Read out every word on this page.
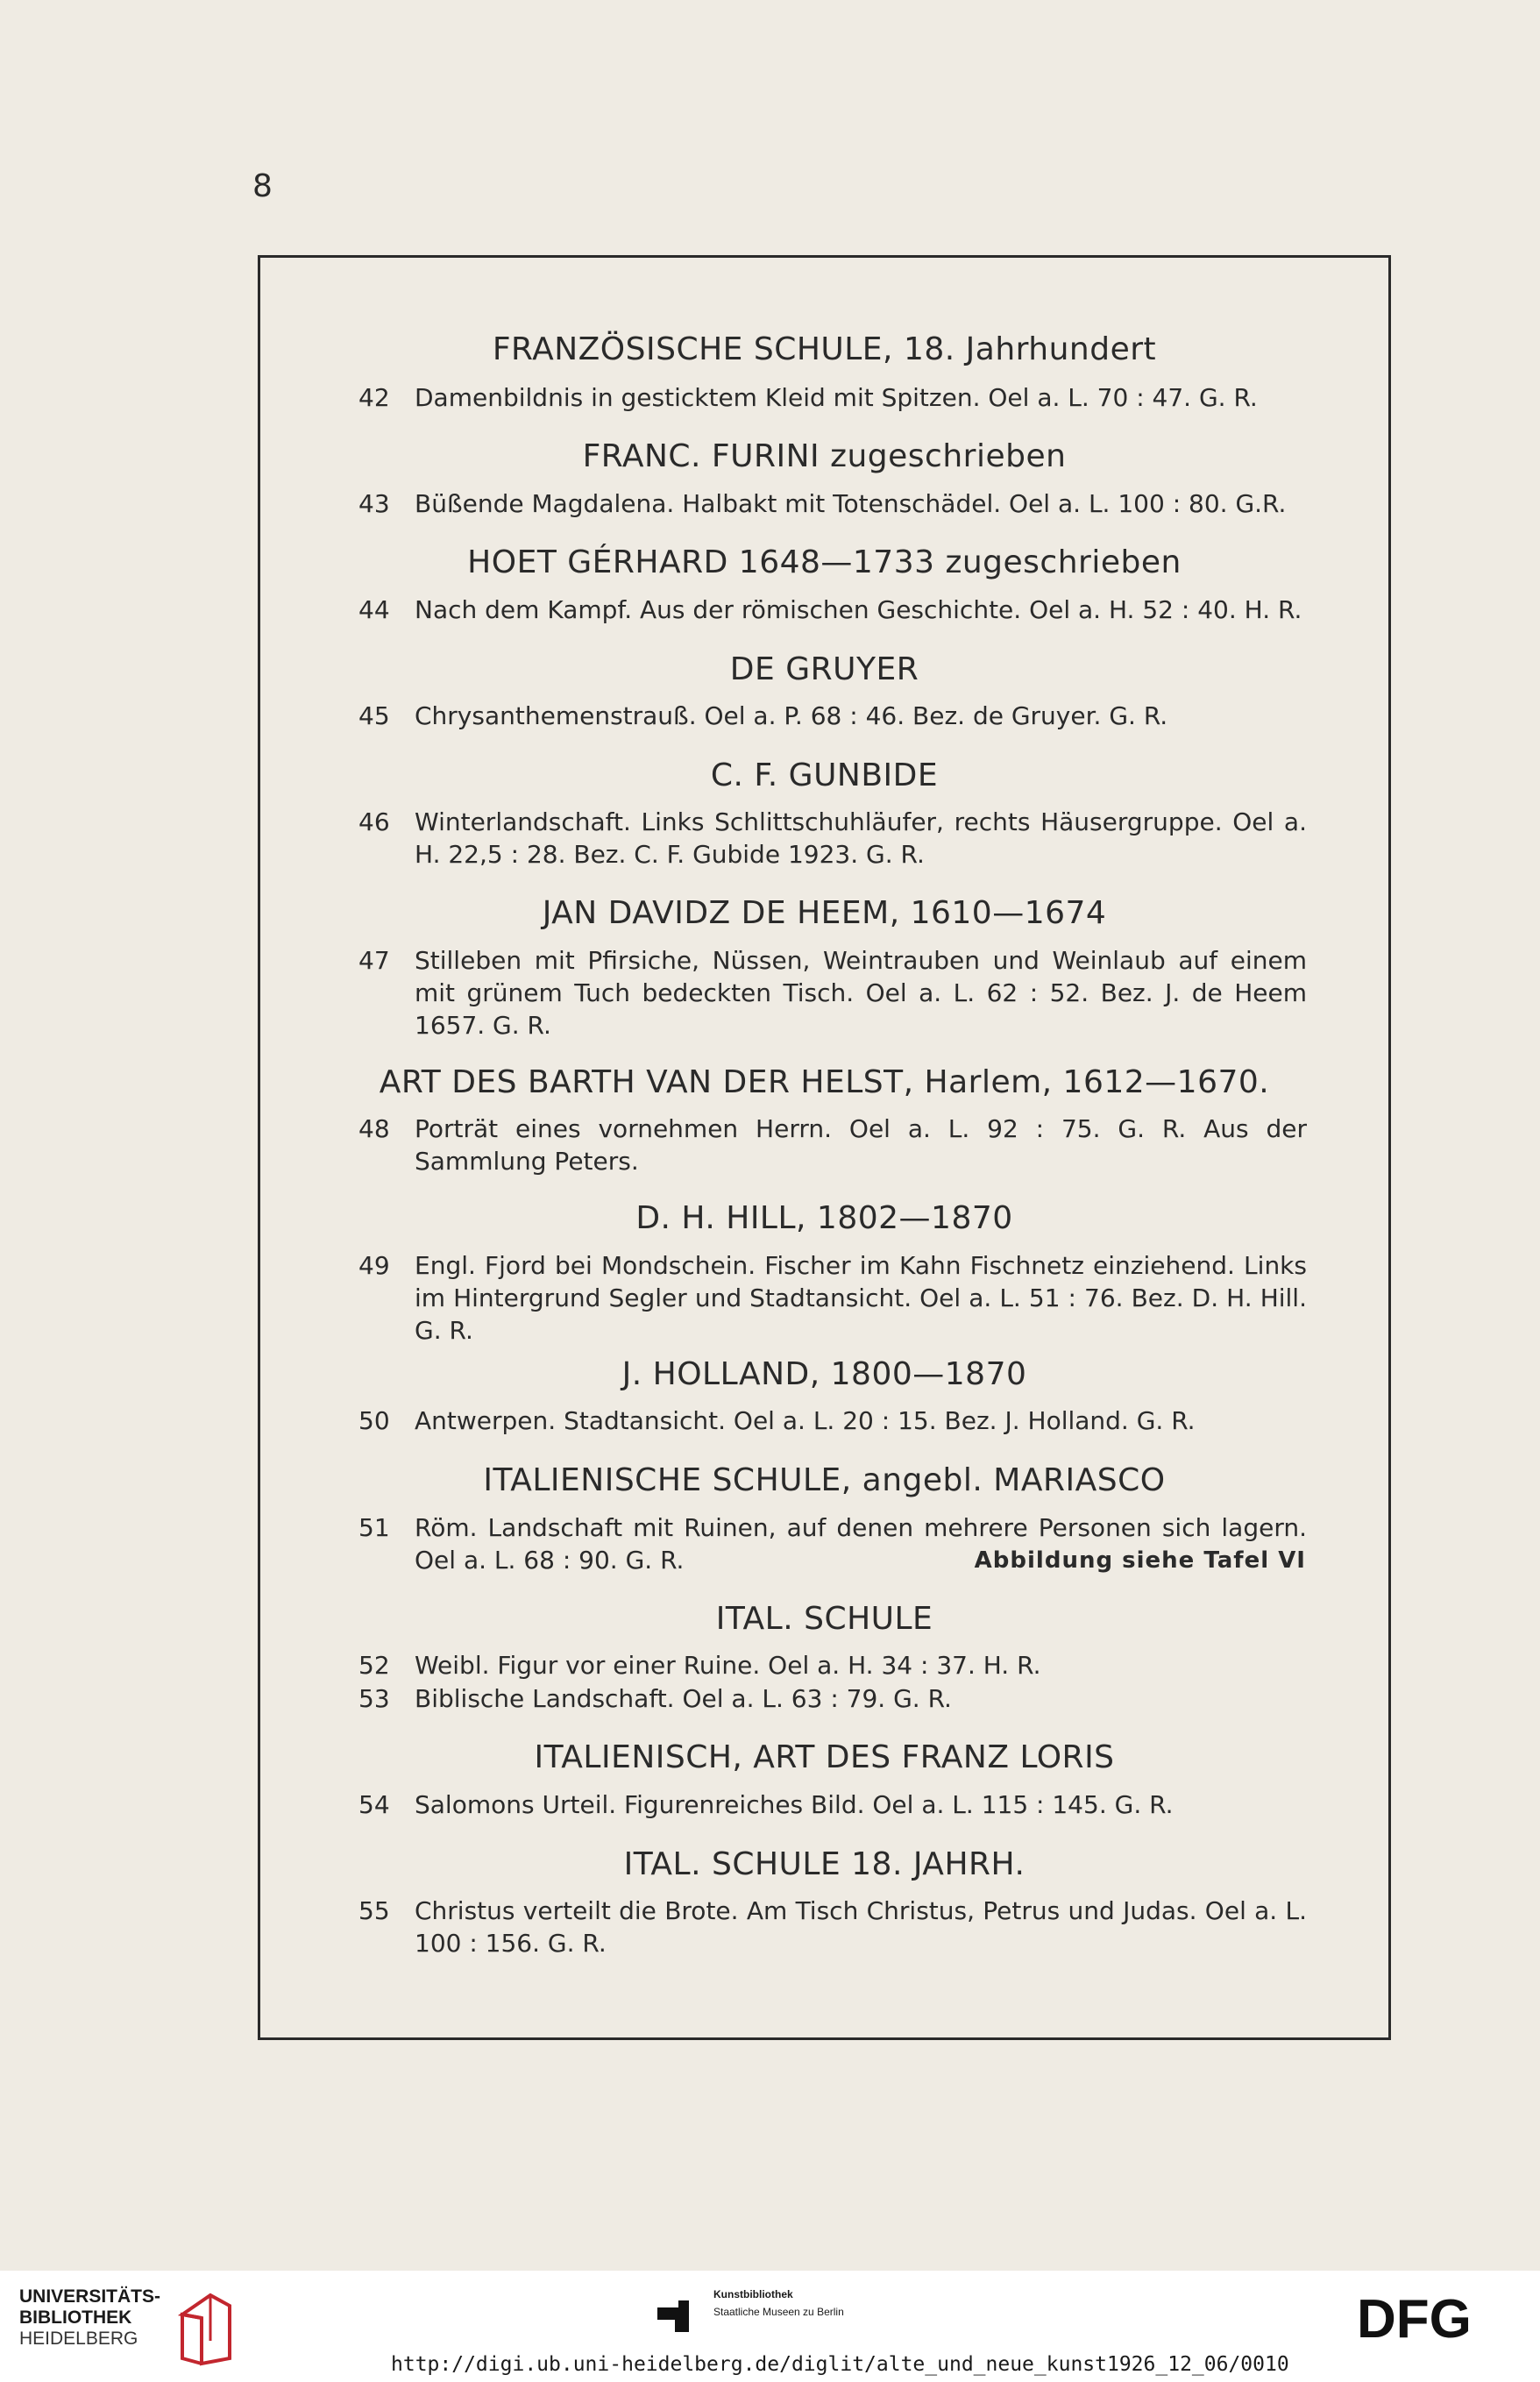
8
FRANZÖSISCHE SCHULE, 18. Jahrhundert
42	Damenbildnis in gesticktem Kleid mit Spitzen. Oel a. L. 70 : 47. G. R.
FRANC. FURINI zugeschrieben
43	Büßende Magdalena. Halbakt mit Totenschädel. Oel a. L. 100 : 80. G.R.
HOET GÉRHARD 1648—1733 zugeschrieben
44	Nach dem Kampf. Aus der römischen Geschichte. Oel a. H. 52 : 40. H. R.
DE GRUYER
45	Chrysanthemenstrauß. Oel a. P. 68 : 46. Bez. de Gruyer. G. R.
C. F. GUNBIDE
46	Winterlandschaft. Links Schlittschuhläufer, rechts Häusergruppe. Oel a. H. 22,5 : 28. Bez. C. F. Gubide 1923. G. R.
JAN DAVIDZ DE HEEM, 1610—1674
47	Stilleben mit Pfirsiche, Nüssen, Weintrauben und Weinlaub auf einem mit grünem Tuch bedeckten Tisch. Oel a. L. 62 : 52. Bez. J. de Heem 1657. G. R.
ART DES BARTH VAN DER HELST, Harlem, 1612—1670.
48	Porträt eines vornehmen Herrn. Oel a. L. 92 : 75. G. R. Aus der Sammlung Peters.
D. H. HILL, 1802—1870
49	Engl. Fjord bei Mondschein. Fischer im Kahn Fischnetz einziehend. Links im Hintergrund Segler und Stadtansicht. Oel a. L. 51 : 76. Bez. D. H. Hill. G. R.
J. HOLLAND, 1800—1870
50	Antwerpen. Stadtansicht. Oel a. L. 20 : 15. Bez. J. Holland. G. R.
ITALIENISCHE SCHULE, angebl. MARIASCO
51	Röm. Landschaft mit Ruinen, auf denen mehrere Personen sich lagern. Oel a. L. 68 : 90. G. R.	Abbildung siehe Tafel VI
ITAL. SCHULE
52	Weibl. Figur vor einer Ruine. Oel a. H. 34 : 37. H. R.
53	Biblische Landschaft. Oel a. L. 63 : 79. G. R.
ITALIENISCH, ART DES FRANZ LORIS
54	Salomons Urteil. Figurenreiches Bild. Oel a. L. 115 : 145. G. R.
ITAL. SCHULE 18. JAHRH.
55	Christus verteilt die Brote. Am Tisch Christus, Petrus und Judas. Oel a. L. 100 : 156. G. R.
UNIVERSITÄTS-
BIBLIOTHEK
HEIDELBERG
Kunstbibliothek
Staatliche Museen zu Berlin	DFG
http://digi.ub.uni-heidelberg.de/diglit/alte_und_neue_kunst1926_12_06/0010
